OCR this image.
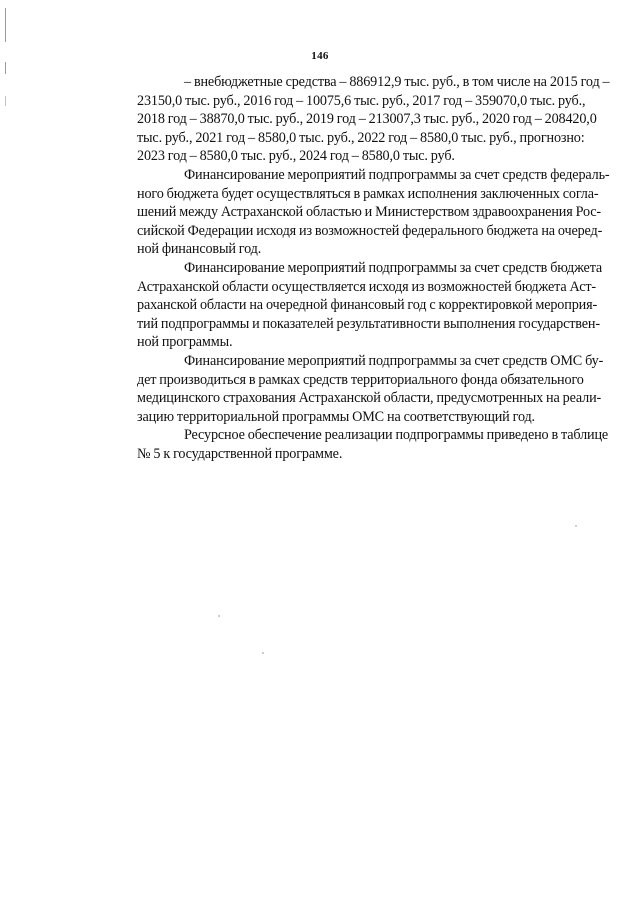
146
– внебюджетные средства – 886912,9 тыс. руб., в том числе на 2015 год –
23150,0 тыс. руб., 2016 год – 10075,6 тыс. руб., 2017 год – 359070,0 тыс. руб.,
2018 год – 38870,0 тыс. руб., 2019 год – 213007,3 тыс. руб., 2020 год – 208420,0
тыс. руб., 2021 год – 8580,0 тыс. руб., 2022 год – 8580,0 тыс. руб., прогнозно:
2023 год – 8580,0 тыс. руб., 2024 год – 8580,0 тыс. руб.
Финансирование мероприятий подпрограммы за счет средств федераль-
ного бюджета будет осуществляться в рамках исполнения заключенных согла-
шений между Астраханской областью и Министерством здравоохранения Рос-
сийской Федерации исходя из возможностей федерального бюджета на очеред-
ной финансовый год.
Финансирование мероприятий подпрограммы за счет средств бюджета
Астраханской области осуществляется исходя из возможностей бюджета Аст-
раханской области на очередной финансовый год с корректировкой мероприя-
тий подпрограммы и показателей результативности выполнения государствен-
ной программы.
Финансирование мероприятий подпрограммы за счет средств ОМС бу-
дет производиться в рамках средств территориального фонда обязательного
медицинского страхования Астраханской области, предусмотренных на реали-
зацию территориальной программы ОМС на соответствующий год.
Ресурсное обеспечение реализации подпрограммы приведено в таблице
№ 5 к государственной программе.
